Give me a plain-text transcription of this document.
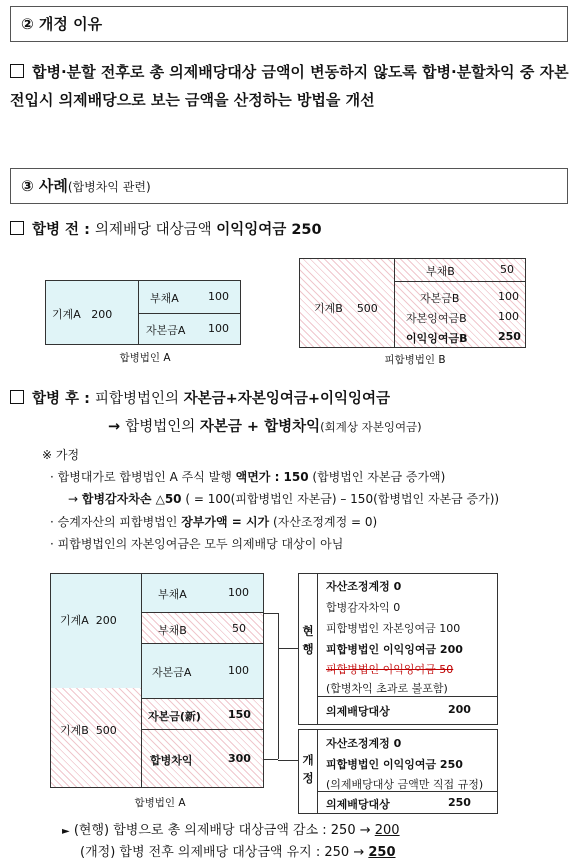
② 개정 이유
합병·분할 전후로 총 의제배당대상 금액이 변동하지 않도록 합병·분할차익 중 자본전입시 의제배당으로 보는 금액을 산정하는 방법을 개선
③ 사례(합병차익 관련)
합병 전 : 의제배당 대상금액 이익잉여금 250
기계A 200
부채A	100
자본금A 100
합병법인 A
기계B 500
부채B	50
자본금B	100
자본잉여금B	100
이익잉여금B	250
피합병법인 B
합병 후 : 피합병법인의 자본금+자본잉여금+이익잉여금
→ 합병법인의 자본금 + 합병차익(회계상 자본잉여금)
※ 가정
· 합병대가로 합병법인 A 주식 발행 액면가 : 150 (합병법인 자본금 증가액)
→ 합병감자차손 △50 ( = 100(피합병법인 자본금) – 150(합병법인 자본금 증가))
· 승계자산의 피합병법인 장부가액 = 시가 (자산조정계정 = 0)
· 피합병법인의 자본잉여금은 모두 의제배당 대상이 아님
기계A 200
기계B 500
부채A	100
부채B	50
자본금A	100
자본금(新) 150
합병차익	300
합병법인 A
현행
자산조정계정 0
합병감자차익 0
피합병법인 자본잉여금 100
피합병법인 이익잉여금 200
피합병법인 이익잉여금 50
(합병차익 초과로 불포함)
의제배당대상	200
개정
자산조정계정 0
피합병법인 이익잉여금 250
(의제배당대상 금액만 직접 규정)
의제배당대상	250
► (현행) 합병으로 총 의제배당 대상금액 감소 : 250 → 200
(개정) 합병 전후 의제배당 대상금액 유지 : 250 → 250
